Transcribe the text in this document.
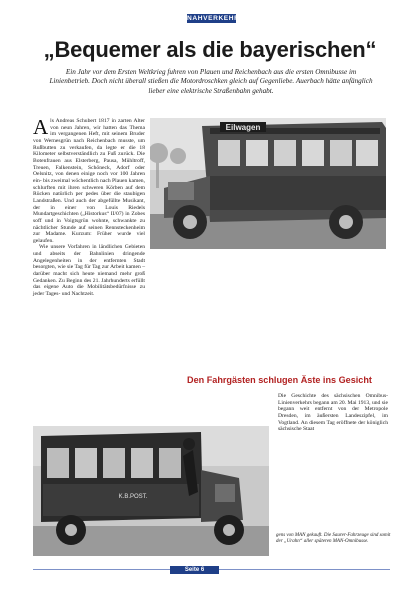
NAHVERKEHR
„Bequemer als die bayerischen“
Ein Jahr vor dem Ersten Weltkrieg fuhren von Plauen und Reichenbach aus die ersten Omnibusse im Linienbetrieb. Doch nicht überall stießen die Motordroschken gleich auf Gegenliebe. Auerbach hätte anfänglich lieber eine elektrische Straßenbahn gehabt.

A ls Andreas Schubert 1817 in zarten Alter von neun Jahren, wir hatten das Thema im vergangenen Heft, mit seinem Bruder von Wernesgrün nach Reichenbach musste, um Rußbutten zu verkaufen, da legte er die 18 Kilometer selbstverständlich zu Fuß zurück. Die Botenfrauen aus Elsterberg, Pausa, Mühltroff, Treuen, Falkenstein, Schöneck, Adorf oder Oelsnitz, von denen einige noch vor 100 Jahren ein- bis zweimal wöchentlich nach Plauen kamen, schlurften mit ihren schweren Körben auf dem Rücken natürlich per pedes über die staubigen Landstraßen. Und auch der abgefüllte Musikant, der in einer von Louis Riedels Mundartgeschichten („Historkus“ II/07) in Zobes soff und in Voigtsgrün wohnte, schwankte zu nächtlicher Stunde auf seinen Rennsteckenheim zur Madame. Kurzum: Früher wurde viel gelaufen.

Wie unsere Vorfahren in ländlichen Gebieten und abseits der Bahnlinien dringende Angelegenheiten in der entfernten Stadt besorgten, wie sie Tag für Tag zur Arbeit kamen – darüber macht sich heute niemand mehr groß Gedanken. Zu Beginn des 21. Jahrhunderts erfüllt das eigene Auto die Mobilitätsbedürfnisse zu jeder Tages- und Nachtzeit.

Eilwagen
Den Fahrgästen schlugen Äste ins Gesicht

Die Geschichte des sächsischen Omnibus-Linienverkehrs begann am 20. Mai 1913, und sie begann weit entfernt von der Metropole Dresden, im äußersten Landeszipfel, im Vogtland. An diesem Tag eröffnete der königlich sächsische Staat

K.B.POST.
gens von MAN gekauft. Die Saurer-Fahrzeuge sind somit der „Urahn“ aller späteren MAN-Omnibusse.
Seite 6
